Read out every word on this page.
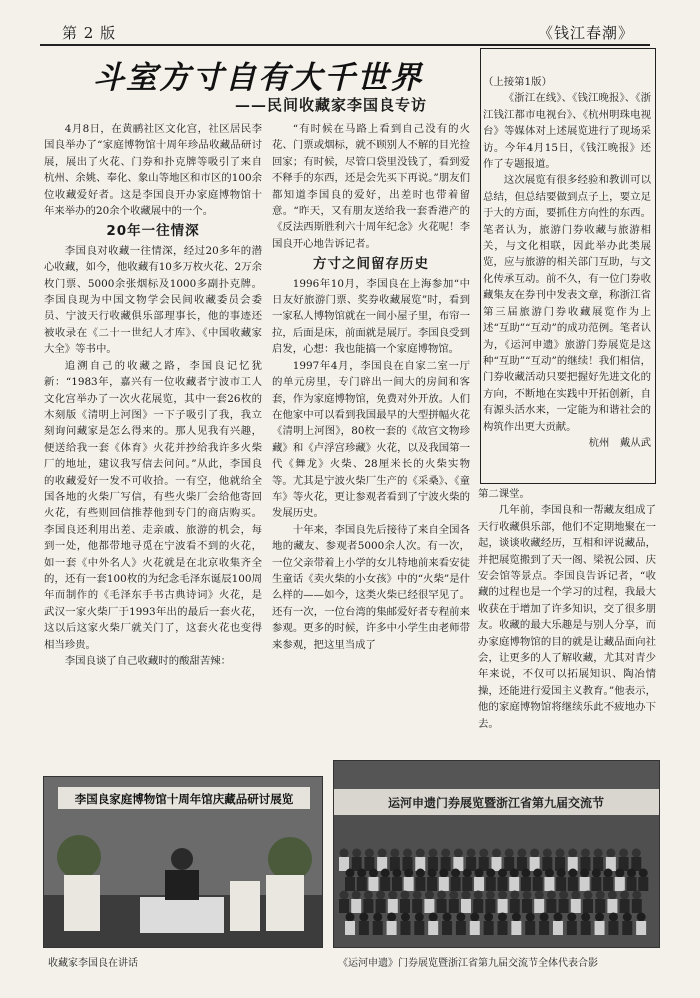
第 2 版	《钱江春潮》
斗室方寸自有大千世界
——民间收藏家李国良专访

4月8日，在黄鹂社区文化宫，社区居民李国良举办了“家庭博物馆十周年珍品收藏品研讨展，展出了火花、门券和扑克牌等吸引了来自杭州、余姚、奉化、象山等地区和市区的100余位收藏爱好者。这是李国良开办家庭博物馆十年来举办的20余个收藏展中的一个。

20年一往情深

李国良对收藏一往情深，经过20多年的潜心收藏，如今，他收藏有10多万枚火花、2万余枚门票、5000余张烟标及1000多副扑克牌。李国良现为中国文物学会民间收藏委员会委员、宁波天行收藏俱乐部理事长，他的事迹还被收录在《二十一世纪人才库》、《中国收藏家大全》等书中。

追溯自己的收藏之路，李国良记忆犹新：“1983年，嘉兴有一位收藏者宁波市工人文化宫举办了一次火花展览，其中一套26枚的木刻版《清明上河图》一下子吸引了我，我立刻询问藏家是怎么得来的。那人见我有兴趣，便送给我一套《体育》火花并抄给我许多火柴厂的地址，建议我写信去问问。”从此，李国良的收藏爱好一发不可收拾。一有空，他就给全国各地的火柴厂写信，有些火柴厂会给他寄回火花，有些则回信推荐他到专门的商店购买。李国良还利用出差、走亲戚、旅游的机会，每到一处，他都带地寻觅在宁波看不到的火花，如一套《中外名人》火花就是在北京收集齐全的，还有一套100枚的为纪念毛泽东诞辰100周年而制作的《毛泽东手书古典诗词》火花，是武汉一家火柴厂于1993年出的最后一套火花，这以后这家火柴厂就关门了，这套火花也变得相当珍贵。

李国良谈了自己收藏时的酸甜苦辣：

“有时候在马路上看到自己没有的火花、门票或烟标，就不顾别人不解的目光捡回家；有时候，尽管口袋里没钱了，看到爱不释手的东西，还是会先买下再说。”朋友们都知道李国良的爱好，出差时也带着留意。“昨天，又有朋友送给我一套香港产的《反法西斯胜利六十周年纪念》火花呢！李国良开心地告诉记者。

方寸之间留存历史

1996年10月，李国良在上海参加“中日友好旅游门票、奖券收藏展览”时，看到一家私人博物馆就在一间小屋子里，布帘一拉，后面是床，前面就是展厅。李国良受到启发，心想：我也能搞一个家庭博物馆。

1997年4月，李国良在自家二室一厅的单元房里，专门辟出一间大的房间和客套，作为家庭博物馆，免费对外开放。人们在他家中可以看到我国最早的大型拼幅火花《清明上河图》，80枚一套的《故宫文物珍藏》和《卢浮宫珍藏》火花，以及我国第一代《舞龙》火柴、28厘米长的火柴实物等。尤其是宁波火柴厂生产的《采桑》、《童车》等火花，更让参观者看到了宁波火柴的发展历史。

十年来，李国良先后接待了来自全国各地的藏友、参观者5000余人次。有一次，一位父亲带着上小学的女儿特地前来看安徒生童话《卖火柴的小女孩》中的“火柴”是什么样的——如今，这类火柴已经很罕见了。还有一次，一位台湾的集邮爱好者专程前来参观。更多的时候，许多中小学生由老师带来参观，把这里当成了

（上接第1版）

《浙江在线》、《钱江晚报》、《浙江钱江都市电视台》、《杭州明珠电视台》等媒体对上述展览进行了现场采访。今年4月15日，《钱江晚报》还作了专题报道。

这次展览有很多经验和教训可以总结，但总结要做到点子上，要立足于大的方面，要抓住方向性的东西。笔者认为，旅游门券收藏与旅游相关，与文化相联，因此举办此类展览，应与旅游的相关部门互助，与文化传承互动。前不久，有一位门券收藏集友在券刊中发表文章，称浙江省第三届旅游门券收藏展览作为上述“互助”“互动”的成功范例。笔者认为，《运河申遗》旅游门券展览是这种“互助”“互动”的继续！我们相信，门券收藏活动只要把握好先进文化的方向，不断地在实践中开拓创新，自有源头活水来，一定能为和谐社会的构筑作出更大贡献。

杭州　戴从武

第二课堂。

几年前，李国良和一帮藏友组成了天行收藏俱乐部，他们不定期地聚在一起，谈谈收藏经历，互相和评说藏品，并把展览搬到了天一阁、梁祝公园、庆安会馆等景点。李国良告诉记者，“收藏的过程也是一个学习的过程，我最大收获在于增加了许多知识，交了很多朋友。收藏的最大乐趣是与别人分享，而办家庭博物馆的目的就是让藏品面向社会，让更多的人了解收藏，尤其对青少年来说，不仅可以拓展知识、陶冶情操，还能进行爱国主义教育。”他表示，他的家庭博物馆将继续乐此不疲地办下去。

李国良家庭博物馆十周年馆庆藏品研讨展览
收藏家李国良在讲话
运河申遗门券展览暨浙江省第九届交流节
《运河申遗》门券展览暨浙江省第九届交流节全体代表合影
